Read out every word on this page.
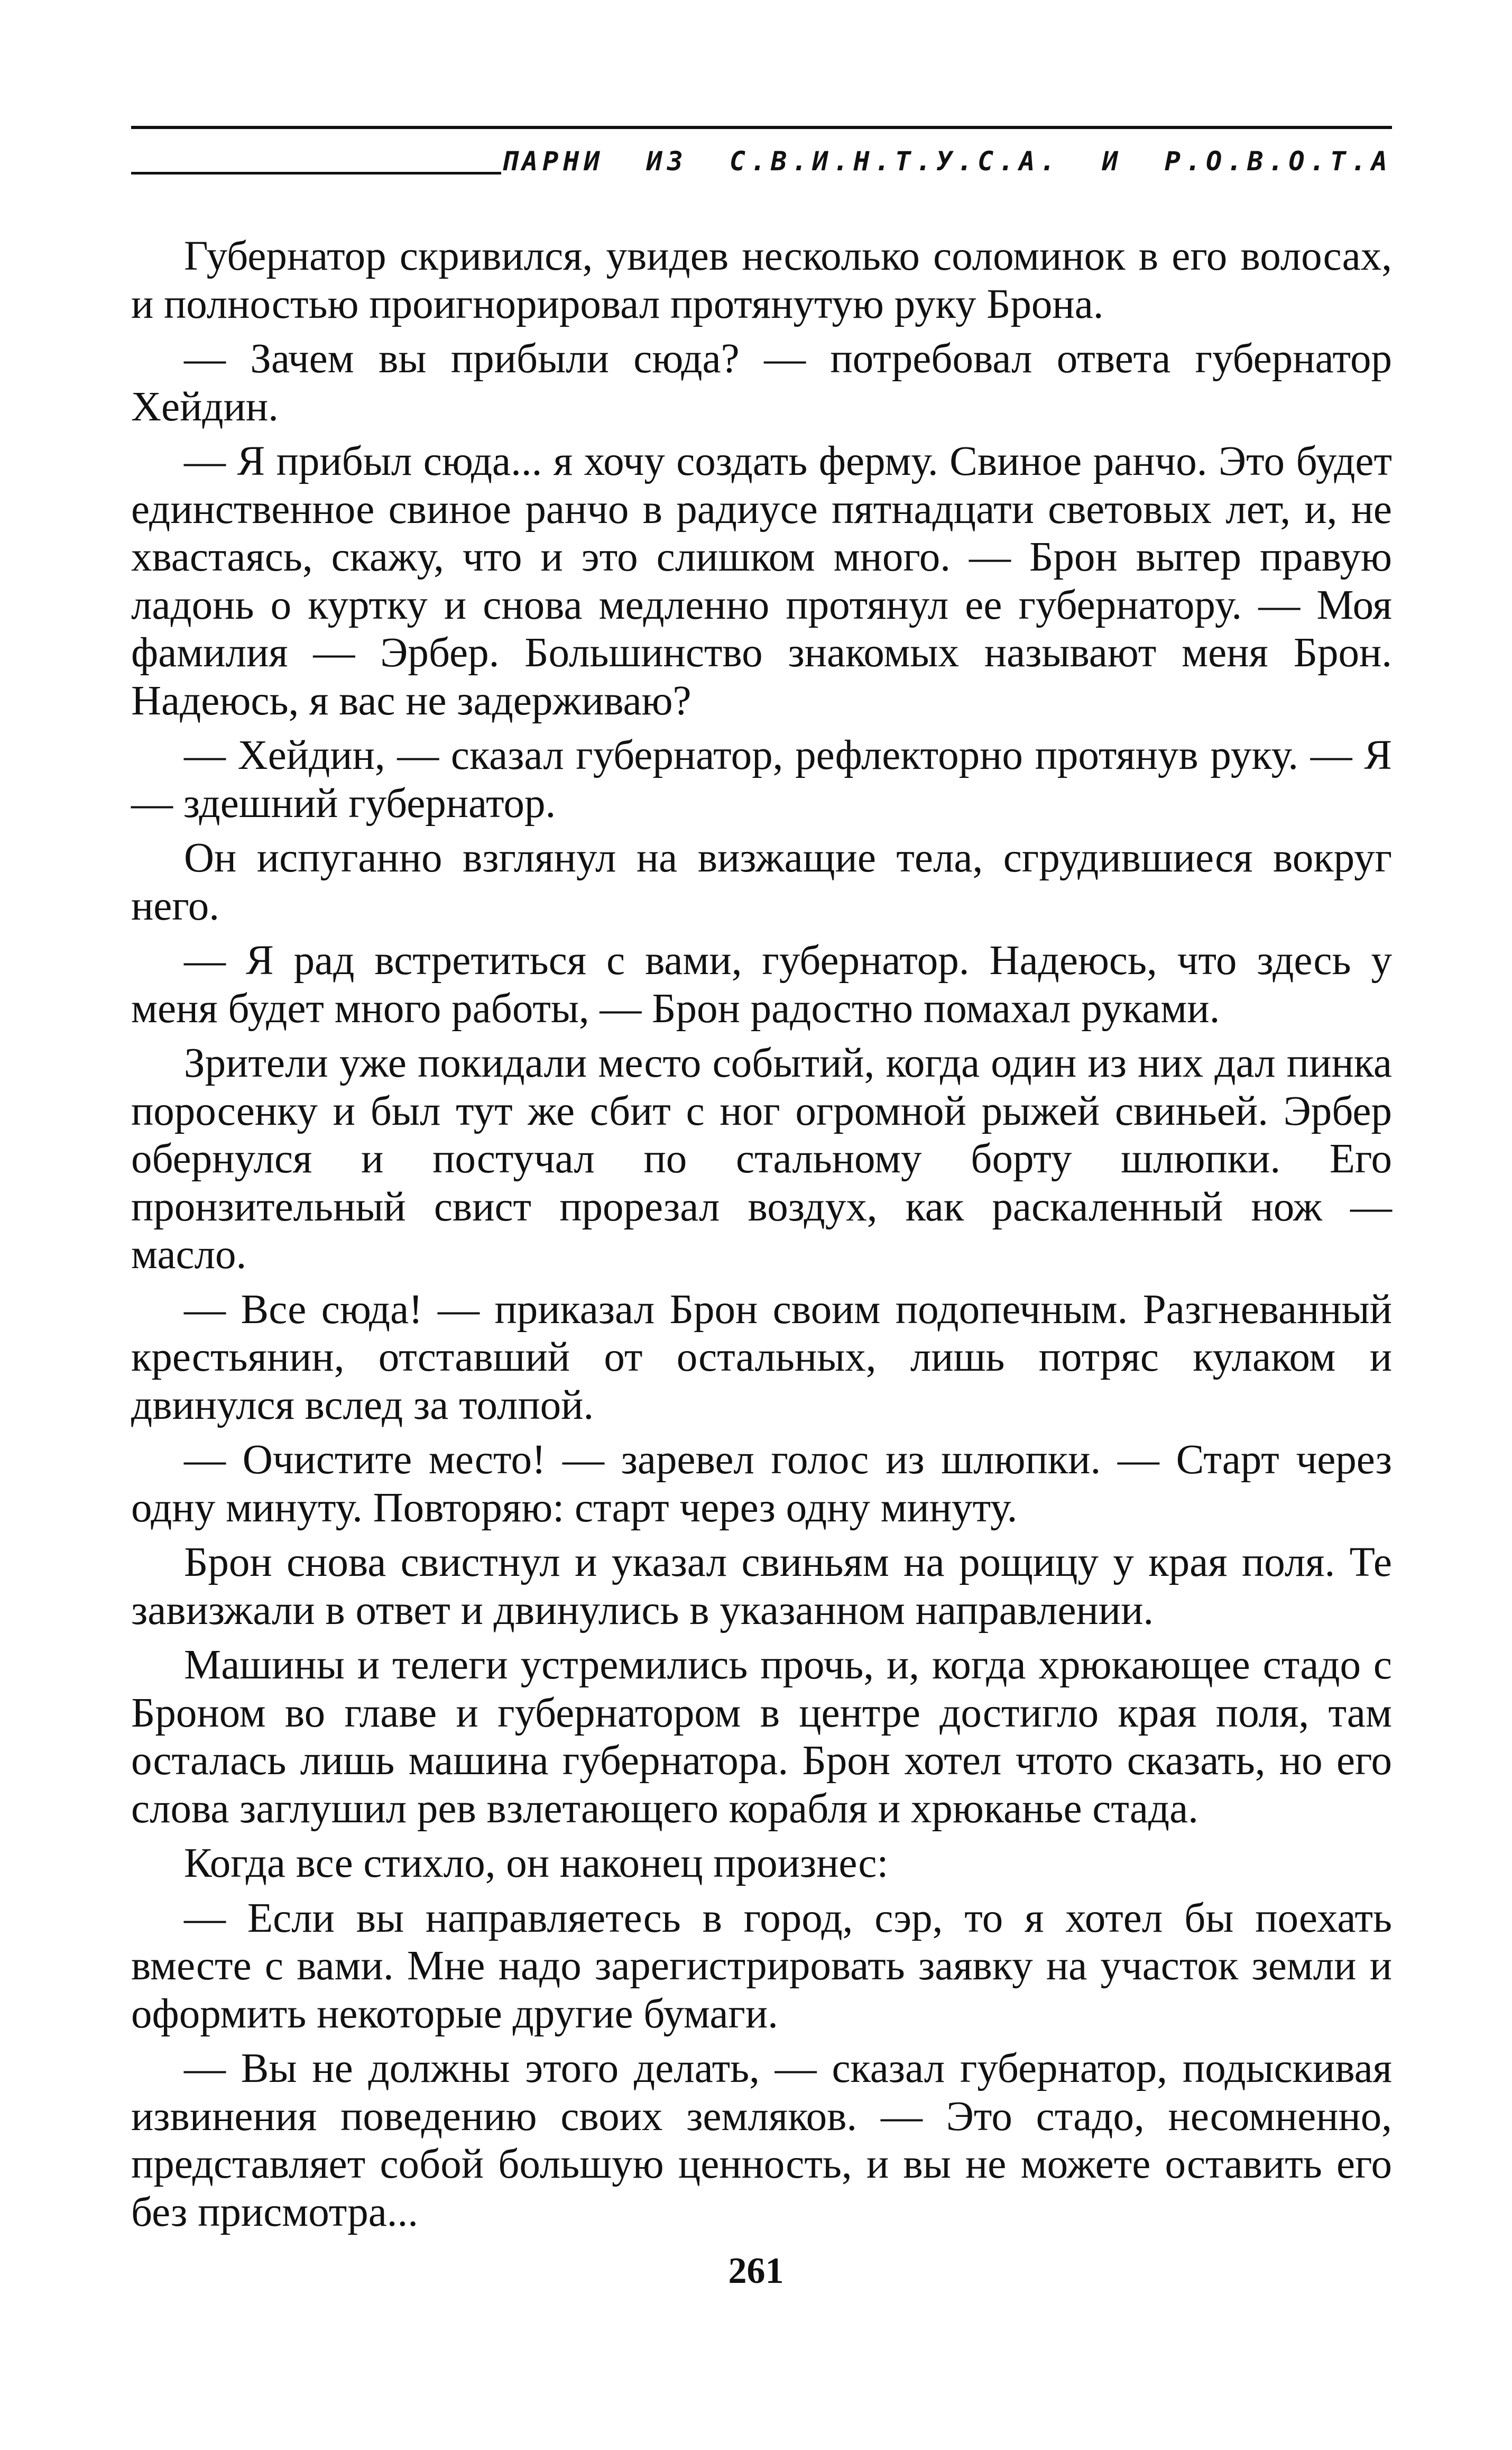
ПАРНИ ИЗ С.В.И.Н.Т.У.С.А. И Р.О.В.О.Т.А

Губернатор скривился, увидев несколько соломинок в его волосах, и полностью проигнорировал протянутую руку Брона.

— Зачем вы прибыли сюда? — потребовал ответа губернатор Хейдин.

— Я прибыл сюда... я хочу создать ферму. Свиное ранчо. Это будет единственное свиное ранчо в радиусе пятнадцати световых лет, и, не хвастаясь, скажу, что и это слишком много. — Брон вытер правую ладонь о куртку и снова медленно протянул ее губернатору. — Моя фамилия — Эрбер. Большинство знакомых называют меня Брон. Надеюсь, я вас не задерживаю?

— Хейдин, — сказал губернатор, рефлекторно протянув руку. — Я — здешний губернатор.

Он испуганно взглянул на визжащие тела, сгрудившиеся вокруг него.

— Я рад встретиться с вами, губернатор. Надеюсь, что здесь у меня будет много работы, — Брон радостно помахал руками.

Зрители уже покидали место событий, когда один из них дал пинка поросенку и был тут же сбит с ног огромной рыжей свиньей. Эрбер обернулся и постучал по стальному борту шлюпки. Его пронзительный свист прорезал воздух, как раскаленный нож — масло.

— Все сюда! — приказал Брон своим подопечным. Разгневанный крестьянин, отставший от остальных, лишь потряс кулаком и двинулся вслед за толпой.

— Очистите место! — заревел голос из шлюпки. — Старт через одну минуту. Повторяю: старт через одну минуту.

Брон снова свистнул и указал свиньям на рощицу у края поля. Те завизжали в ответ и двинулись в указанном направлении.

Машины и телеги устремились прочь, и, когда хрюкающее стадо с Броном во главе и губернатором в центре достигло края поля, там осталась лишь машина губернатора. Брон хотел чтото сказать, но его слова заглушил рев взлетающего корабля и хрюканье стада.

Когда все стихло, он наконец произнес:

— Если вы направляетесь в город, сэр, то я хотел бы поехать вместе с вами. Мне надо зарегистрировать заявку на участок земли и оформить некоторые другие бумаги.

— Вы не должны этого делать, — сказал губернатор, подыскивая извинения поведению своих земляков. — Это стадо, несомненно, представляет собой большую ценность, и вы не можете оставить его без присмотра...

261
